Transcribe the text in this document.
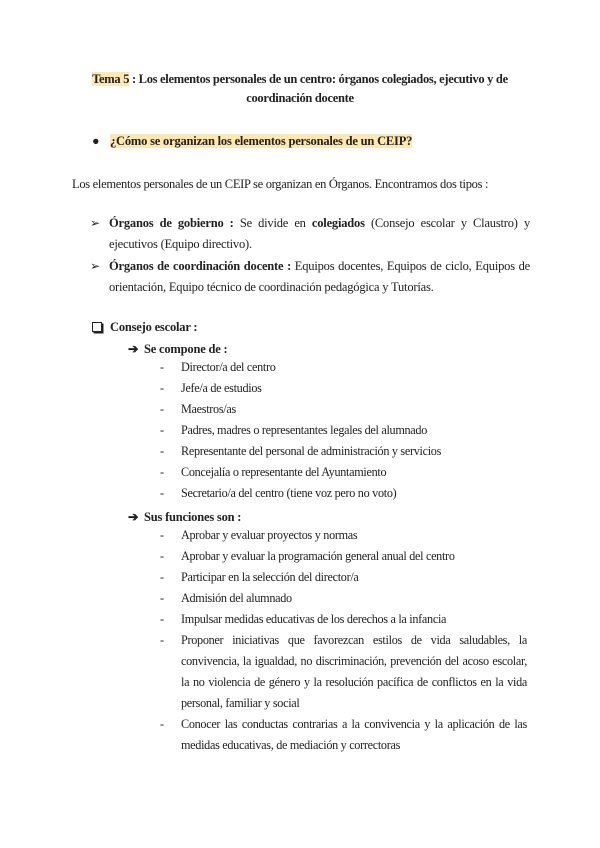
Tema 5 : Los elementos personales de un centro: órganos colegiados, ejecutivo y de
coordinación docente
● ¿Cómo se organizan los elementos personales de un CEIP?
Los elementos personales de un CEIP se organizan en Órganos. Encontramos dos tipos :
➢ Órganos de gobierno : Se divide en colegiados (Consejo escolar y Claustro) y ejecutivos (Equipo directivo).
➢ Órganos de coordinación docente : Equipos docentes, Equipos de ciclo, Equipos de orientación, Equipo técnico de coordinación pedagógica y Tutorías.
Consejo escolar :
➔ Se compone de :
- Director/a del centro
- Jefe/a de estudios
- Maestros/as
- Padres, madres o representantes legales del alumnado
- Representante del personal de administración y servicios
- Concejalía o representante del Ayuntamiento
- Secretario/a del centro (tiene voz pero no voto)
➔ Sus funciones son :
- Aprobar y evaluar proyectos y normas
- Aprobar y evaluar la programación general anual del centro
- Participar en la selección del director/a
- Admisión del alumnado
- Impulsar medidas educativas de los derechos a la infancia
- Proponer iniciativas que favorezcan estilos de vida saludables, la convivencia, la igualdad, no discriminación, prevención del acoso escolar, la no violencia de género y la resolución pacífica de conflictos en la vida personal, familiar y social
- Conocer las conductas contrarias a la convivencia y la aplicación de las medidas educativas, de mediación y correctoras
